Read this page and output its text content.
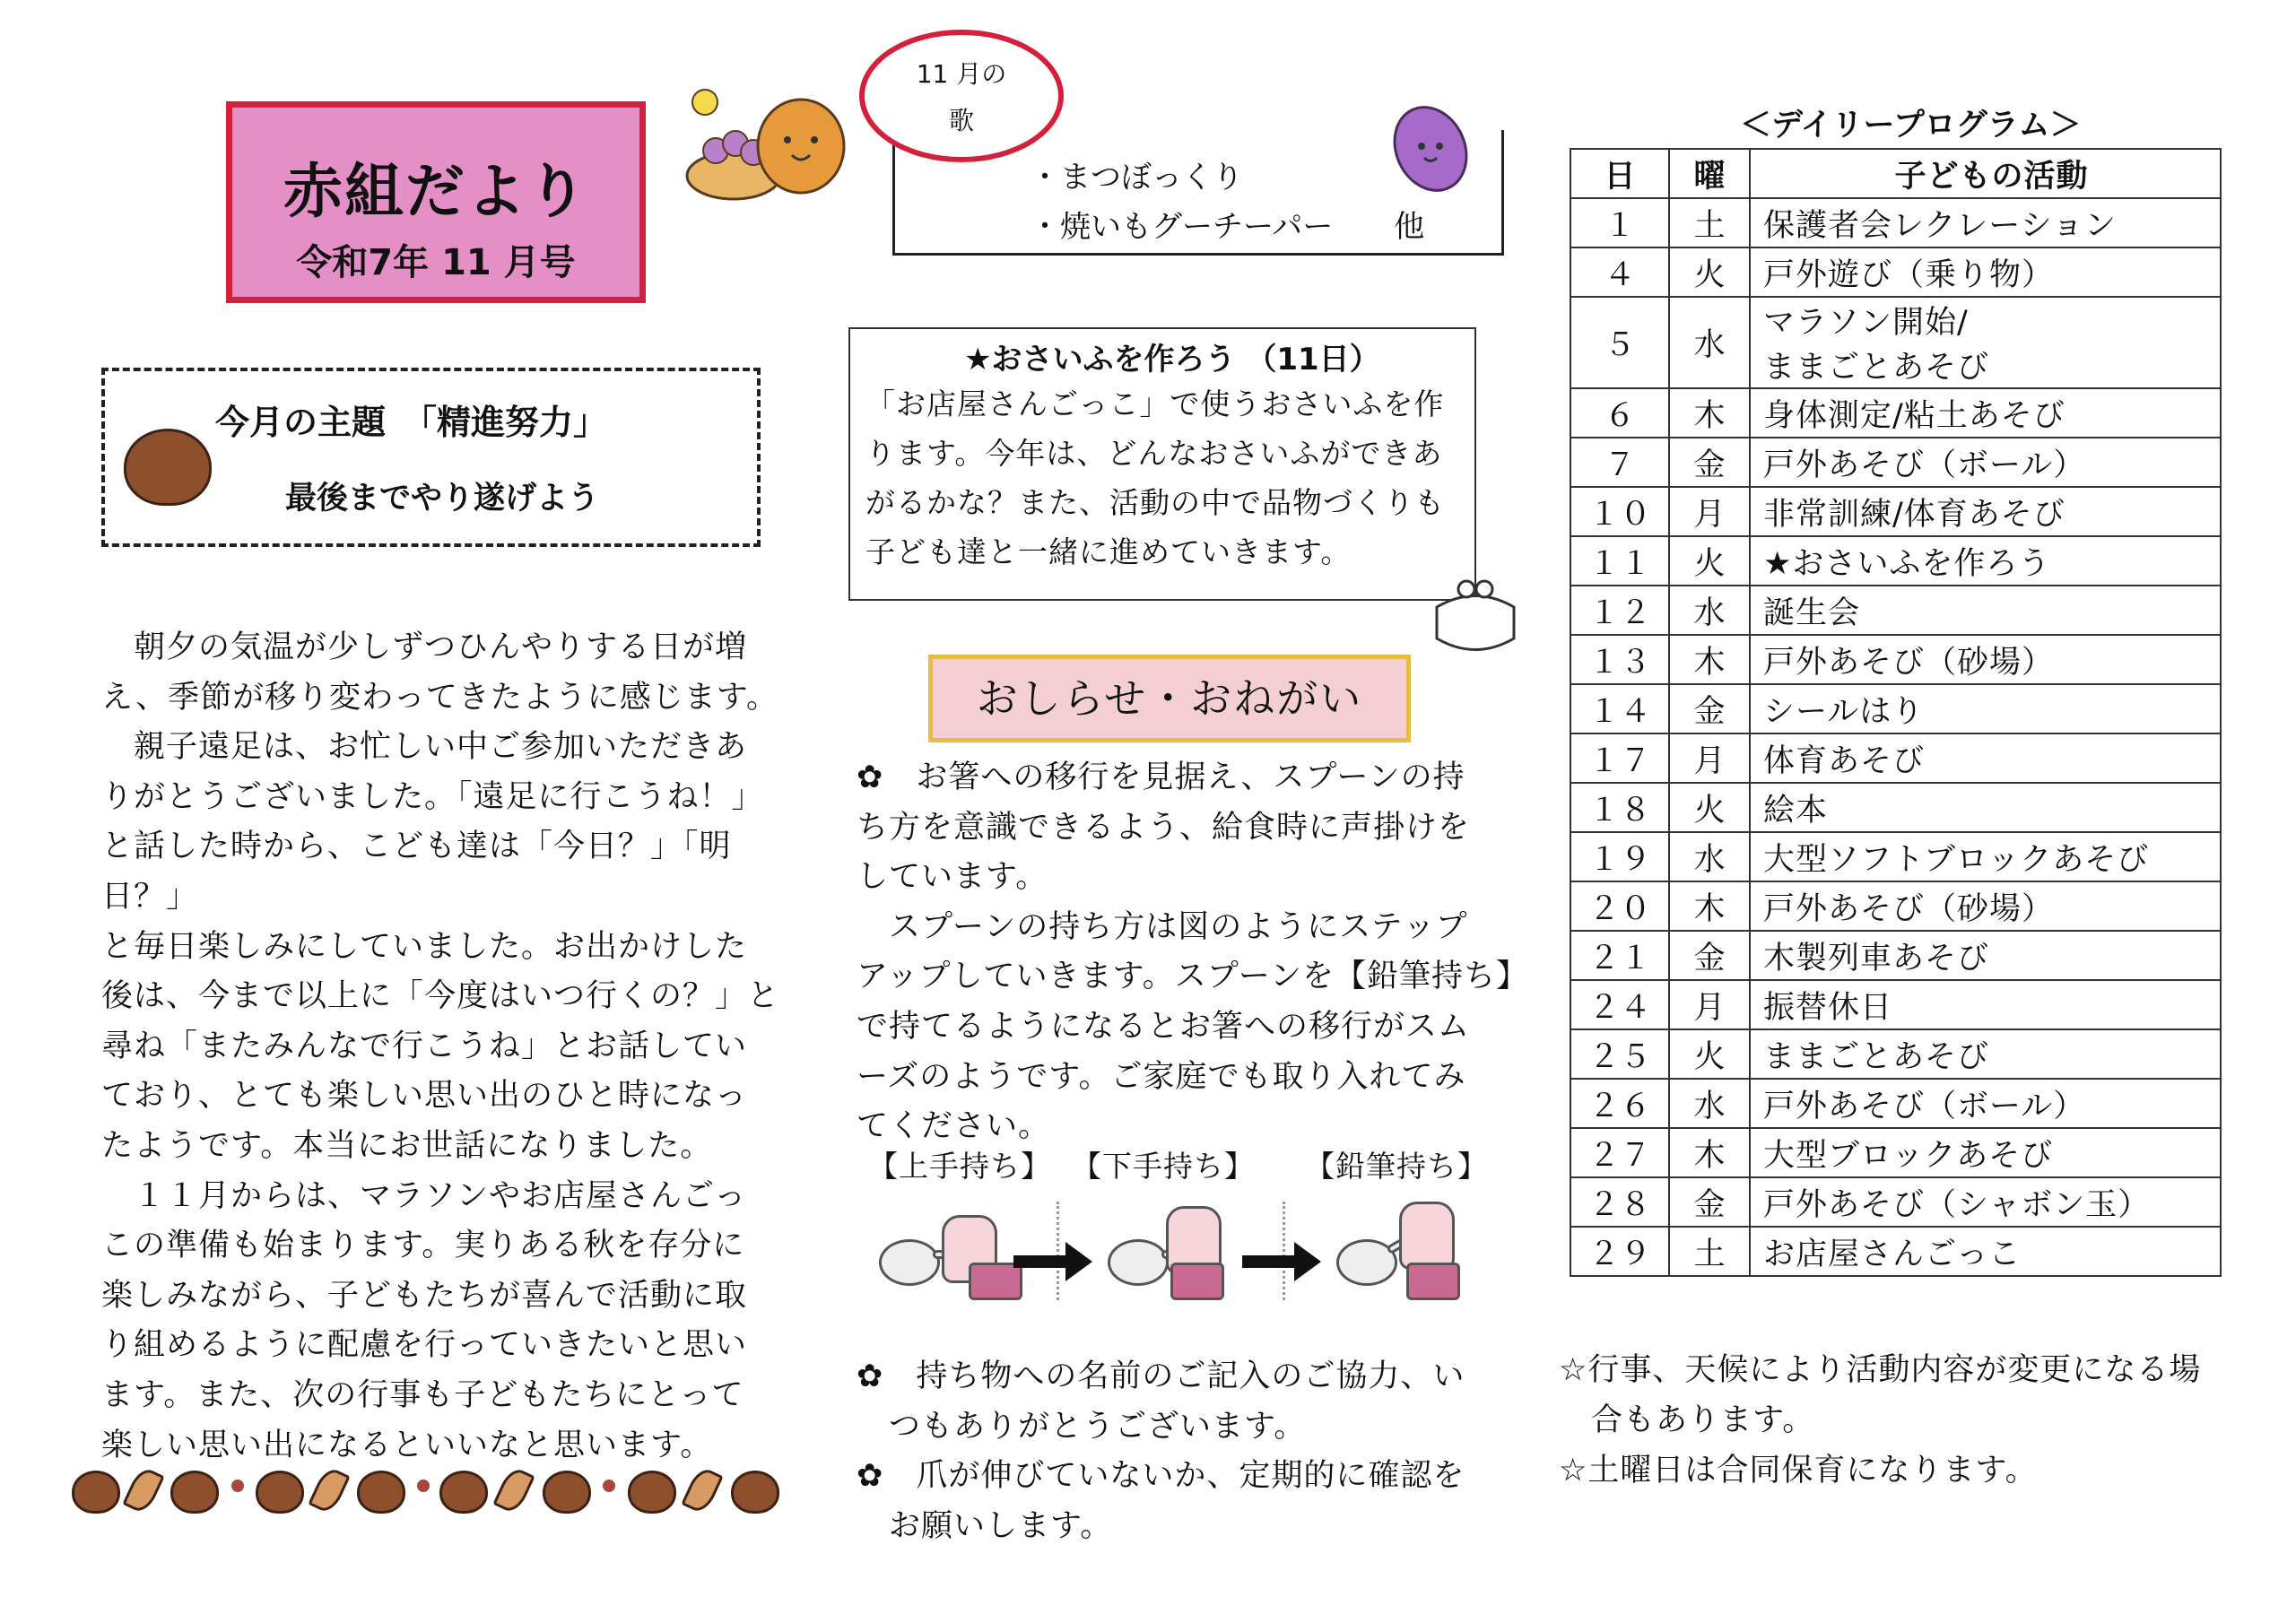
赤組だより
令和7年 11 月号
今月の主題　「精進努力」
最後までやり遂げよう

　朝夕の気温が少しずつひんやりする日が増

え、季節が移り変わってきたように感じます。

　親子遠足は、お忙しい中ご参加いただきあ

りがとうございました。「遠足に行こうね！」

と話した時から、こども達は「今日？」「明日？」

と毎日楽しみにしていました。お出かけした

後は、今まで以上に「今度はいつ行くの？」と

尋ね「またみんなで行こうね」とお話してい

ており、とても楽しい思い出のひと時になっ

たようです。本当にお世話になりました。

　１１月からは、マラソンやお店屋さんごっ

この準備も始まります。実りある秋を存分に

楽しみながら、子どもたちが喜んで活動に取

り組めるように配慮を行っていきたいと思い

ます。また、次の行事も子どもたちにとって

楽しい思い出になるといいなと思います。

11 月の
歌
・まつぼっくり
・焼いもグーチーパー　　他
★おさいふを作ろう （11日）

「お店屋さんごっこ」で使うおさいふを作

ります。今年は、どんなおさいふができあ

がるかな？また、活動の中で品物づくりも

子ども達と一緒に進めていきます。

おしらせ・おねがい

✿　お箸への移行を見据え、スプーンの持

ち方を意識できるよう、給食時に声掛けを

しています。

　スプーンの持ち方は図のようにステップ

アップしていきます。スプーンを【鉛筆持ち】

で持てるようになるとお箸への移行がスム

ーズのようです。ご家庭でも取り入れてみ

てください。

【上手持ち】 【下手持ち】 【鉛筆持ち】

✿　持ち物への名前のご記入のご協力、い

　つもありがとうございます。

✿　爪が伸びていないか、定期的に確認を

　お願いします。

＜デイリープログラム＞
日	曜	子どもの活動
１	土	保護者会レクレーション
４	火	戸外遊び（乗り物）
５	水	マラソン開始/
ままごとあそび
６	木	身体測定/粘土あそび
７	金	戸外あそび（ボール）
１０	月	非常訓練/体育あそび
１１	火	★おさいふを作ろう
１２	水	誕生会
１３	木	戸外あそび（砂場）
１４	金	シールはり
１７	月	体育あそび
１８	火	絵本
１９	水	大型ソフトブロックあそび
２０	木	戸外あそび（砂場）
２１	金	木製列車あそび
２４	月	振替休日
２５	火	ままごとあそび
２６	水	戸外あそび（ボール）
２７	木	大型ブロックあそび
２８	金	戸外あそび（シャボン玉）
２９	土	お店屋さんごっこ

☆行事、天候により活動内容が変更になる場

　合もあります。

☆土曜日は合同保育になります。
